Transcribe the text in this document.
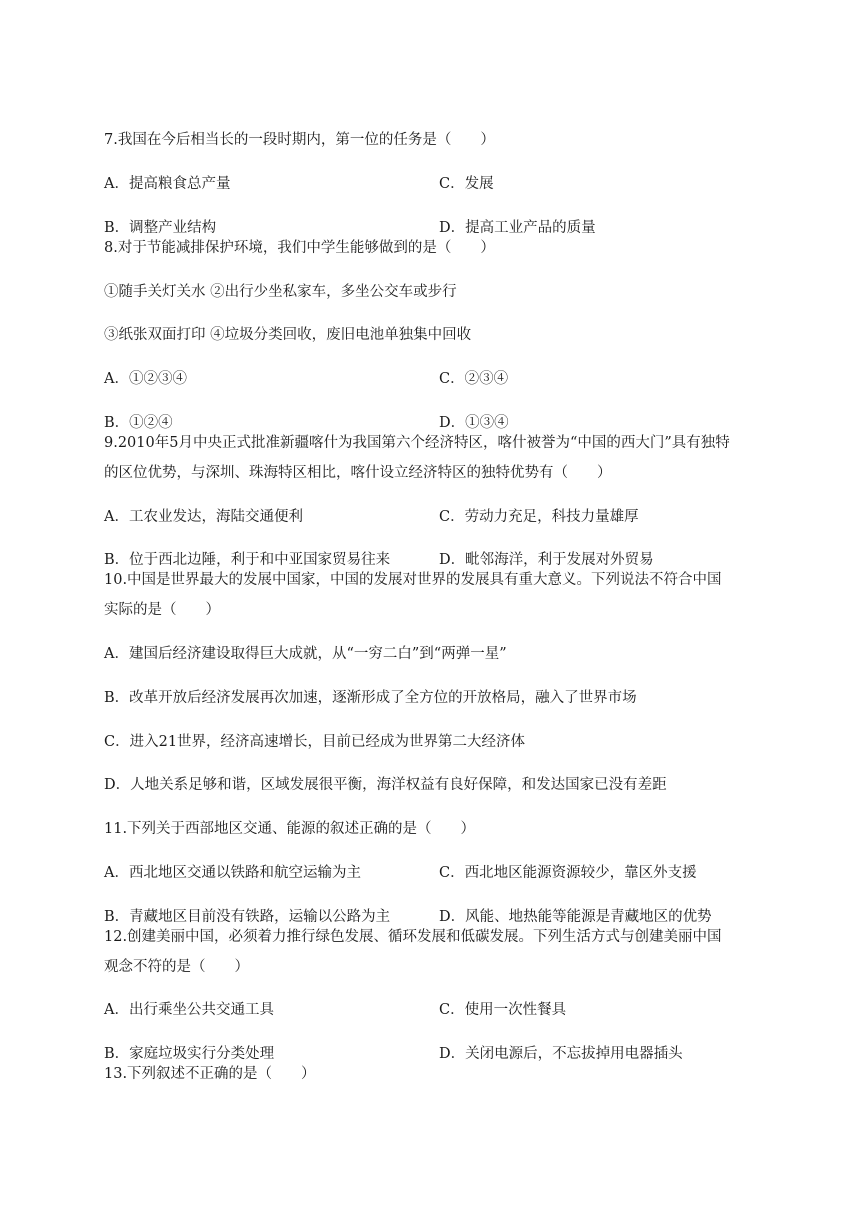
7.我国在今后相当长的一段时期内，第一位的任务是（　　）
A．提高粮食总产量	C．发展
B．调整产业结构	D．提高工业产品的质量
8.对于节能减排保护环境，我们中学生能够做到的是（　　）
①随手关灯关水 ②出行少坐私家车，多坐公交车或步行
③纸张双面打印 ④垃圾分类回收，废旧电池单独集中回收
A．①②③④	C．②③④
B．①②④	D．①③④
9.2010年5月中央正式批准新疆喀什为我国第六个经济特区，喀什被誉为“中国的西大门”具有独特
的区位优势，与深圳、珠海特区相比，喀什设立经济特区的独特优势有（　　）
A．工农业发达，海陆交通便利	C．劳动力充足，科技力量雄厚
B．位于西北边陲，利于和中亚国家贸易往来	D．毗邻海洋，利于发展对外贸易
10.中国是世界最大的发展中国家，中国的发展对世界的发展具有重大意义。下列说法不符合中国
实际的是（　　）
A．建国后经济建设取得巨大成就，从“一穷二白”到“两弹一星”
B．改革开放后经济发展再次加速，逐渐形成了全方位的开放格局，融入了世界市场
C．进入21世界，经济高速增长，目前已经成为世界第二大经济体
D．人地关系足够和谐，区域发展很平衡，海洋权益有良好保障，和发达国家已没有差距
11.下列关于西部地区交通、能源的叙述正确的是（　　）
A．西北地区交通以铁路和航空运输为主	C．西北地区能源资源较少，靠区外支援
B．青藏地区目前没有铁路，运输以公路为主	D．风能、地热能等能源是青藏地区的优势
12.创建美丽中国，必须着力推行绿色发展、循环发展和低碳发展。下列生活方式与创建美丽中国
观念不符的是（　　）
A．出行乘坐公共交通工具	C．使用一次性餐具
B．家庭垃圾实行分类处理	D．关闭电源后，不忘拔掉用电器插头
13.下列叙述不正确的是（　　）
